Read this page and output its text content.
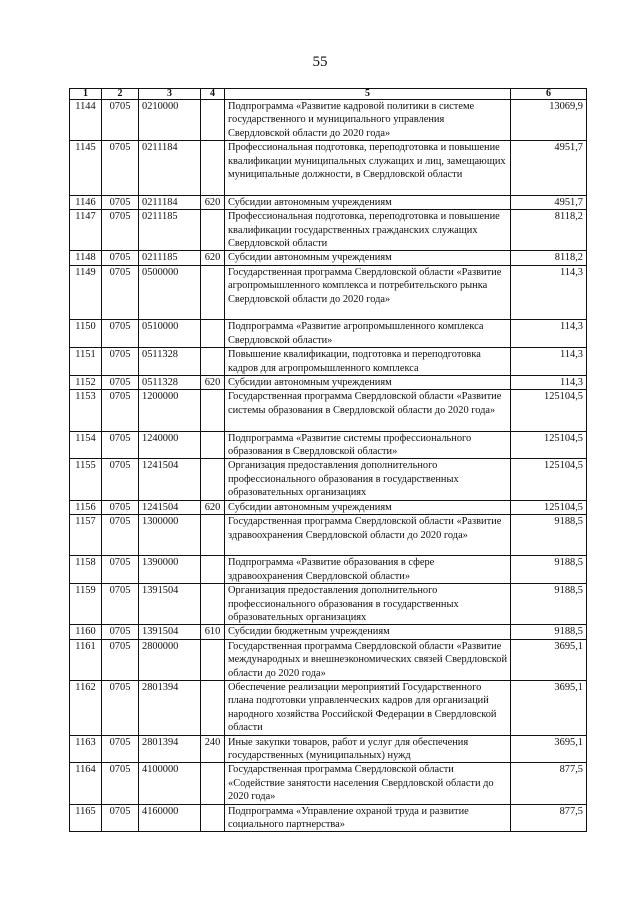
55
1	2	3	4	5	6
1144	0705	0210000		Подпрограмма «Развитие кадровой политики в системе государственного и муниципального управления Свердловской области до 2020 года»	13069,9
1145	0705	0211184		Профессиональная подготовка, переподготовка и повышение квалификации муниципальных служащих и лиц, замещающих муниципальные должности, в Свердловской области	4951,7
1146	0705	0211184	620	Субсидии автономным учреждениям	4951,7
1147	0705	0211185		Профессиональная подготовка, переподготовка и повышение квалификации государственных гражданских служащих Свердловской области	8118,2
1148	0705	0211185	620	Субсидии автономным учреждениям	8118,2
1149	0705	0500000		Государственная программа Свердловской области «Развитие агропромышленного комплекса и потребительского рынка Свердловской области до 2020 года»	114,3
1150	0705	0510000		Подпрограмма «Развитие агропромышленного комплекса Свердловской области»	114,3
1151	0705	0511328		Повышение квалификации, подготовка и переподготовка кадров для агропромышленного комплекса	114,3
1152	0705	0511328	620	Субсидии автономным учреждениям	114,3
1153	0705	1200000		Государственная программа Свердловской области «Развитие системы образования в Свердловской области до 2020 года»	125104,5
1154	0705	1240000		Подпрограмма «Развитие системы профессионального образования в Свердловской области»	125104,5
1155	0705	1241504		Организация предоставления дополнительного профессионального образования в государственных образовательных организациях	125104,5
1156	0705	1241504	620	Субсидии автономным учреждениям	125104,5
1157	0705	1300000		Государственная программа Свердловской области «Развитие здравоохранения Свердловской области до 2020 года»	9188,5
1158	0705	1390000		Подпрограмма «Развитие образования в сфере здравоохранения Свердловской области»	9188,5
1159	0705	1391504		Организация предоставления дополнительного профессионального образования в государственных образовательных организациях	9188,5
1160	0705	1391504	610	Субсидии бюджетным учреждениям	9188,5
1161	0705	2800000		Государственная программа Свердловской области «Развитие международных и внешнеэкономических связей Свердловской области до 2020 года»	3695,1
1162	0705	2801394		Обеспечение реализации мероприятий Государственного плана подготовки управленческих кадров для организаций народного хозяйства Российской Федерации в Свердловской области	3695,1
1163	0705	2801394	240	Иные закупки товаров, работ и услуг для обеспечения государственных (муниципальных) нужд	3695,1
1164	0705	4100000		Государственная программа Свердловской области «Содействие занятости населения Свердловской области до 2020 года»	877,5
1165	0705	4160000		Подпрограмма «Управление охраной труда и развитие социального партнерства»	877,5
